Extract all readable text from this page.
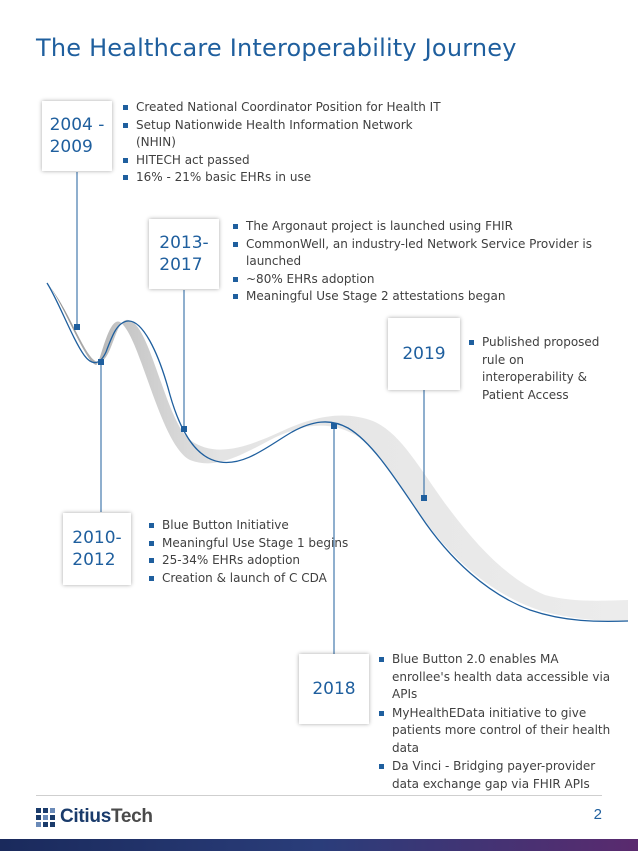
The Healthcare Interoperability Journey
2004 -
2009
Created National Coordinator Position for Health IT
Setup Nationwide Health Information Network (NHIN)
HITECH act passed
16% - 21% basic EHRs in use
2013-
2017
The Argonaut project is launched using FHIR
CommonWell, an industry-led Network Service Provider is launched
~80% EHRs adoption
Meaningful Use Stage 2 attestations began
2019
Published proposed rule on interoperability & Patient Access
2010-
2012
Blue Button Initiative
Meaningful Use Stage 1 begins
25-34% EHRs adoption
Creation & launch of C CDA
2018
Blue Button 2.0 enables MA enrollee's health data accessible via APIs
MyHealthEData initiative to give patients more control of their health data
Da Vinci - Bridging payer-provider data exchange gap via FHIR APIs
CitiusTech	2
